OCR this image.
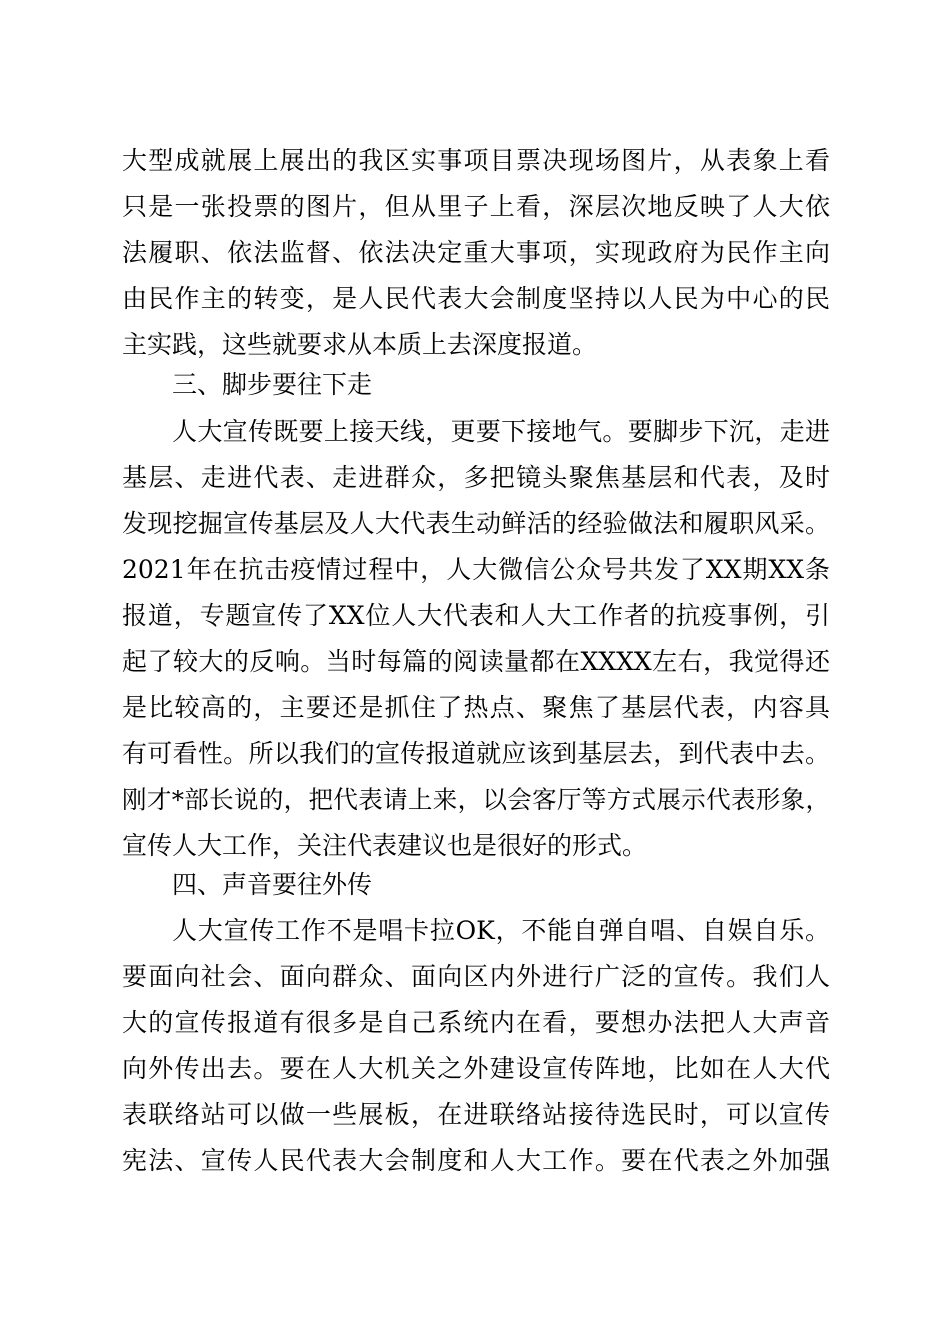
大型成就展上展出的我区实事项目票决现场图片，从表象上看
只是一张投票的图片，但从里子上看，深层次地反映了人大依
法履职、依法监督、依法决定重大事项，实现政府为民作主向
由民作主的转变，是人民代表大会制度坚持以人民为中心的民
主实践，这些就要求从本质上去深度报道。
三、脚步要往下走
人大宣传既要上接天线，更要下接地气。要脚步下沉，走进
基层、走进代表、走进群众，多把镜头聚焦基层和代表，及时
发现挖掘宣传基层及人大代表生动鲜活的经验做法和履职风采。
2021年在抗击疫情过程中，人大微信公众号共发了XX期XX条
报道，专题宣传了XX位人大代表和人大工作者的抗疫事例，引
起了较大的反响。当时每篇的阅读量都在XXXX左右，我觉得还
是比较高的，主要还是抓住了热点、聚焦了基层代表，内容具
有可看性。所以我们的宣传报道就应该到基层去，到代表中去。
刚才*部长说的，把代表请上来，以会客厅等方式展示代表形象，
宣传人大工作，关注代表建议也是很好的形式。
四、声音要往外传
人大宣传工作不是唱卡拉OK，不能自弹自唱、自娱自乐。
要面向社会、面向群众、面向区内外进行广泛的宣传。我们人
大的宣传报道有很多是自己系统内在看，要想办法把人大声音
向外传出去。要在人大机关之外建设宣传阵地，比如在人大代
表联络站可以做一些展板，在进联络站接待选民时，可以宣传
宪法、宣传人民代表大会制度和人大工作。要在代表之外加强
